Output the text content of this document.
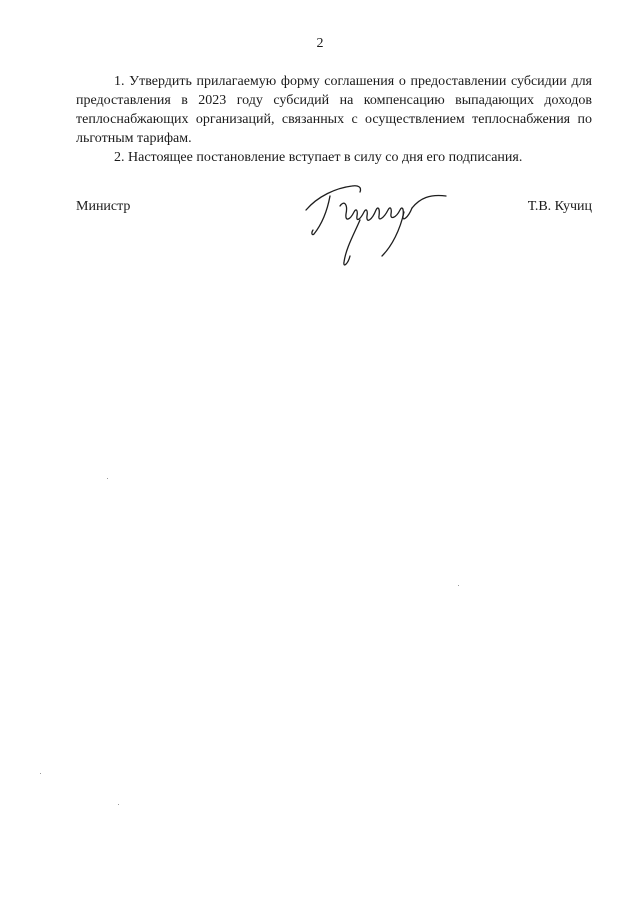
2

1. Утвердить прилагаемую форму соглашения о предоставлении субсидии для предоставления в 2023 году субсидий на компенсацию выпадающих доходов теплоснабжающих организаций, связанных с осуществлением теплоснабжения по льготным тарифам.

2. Настоящее постановление вступает в силу со дня его подписания.

Министр	Т.В. Кучиц
